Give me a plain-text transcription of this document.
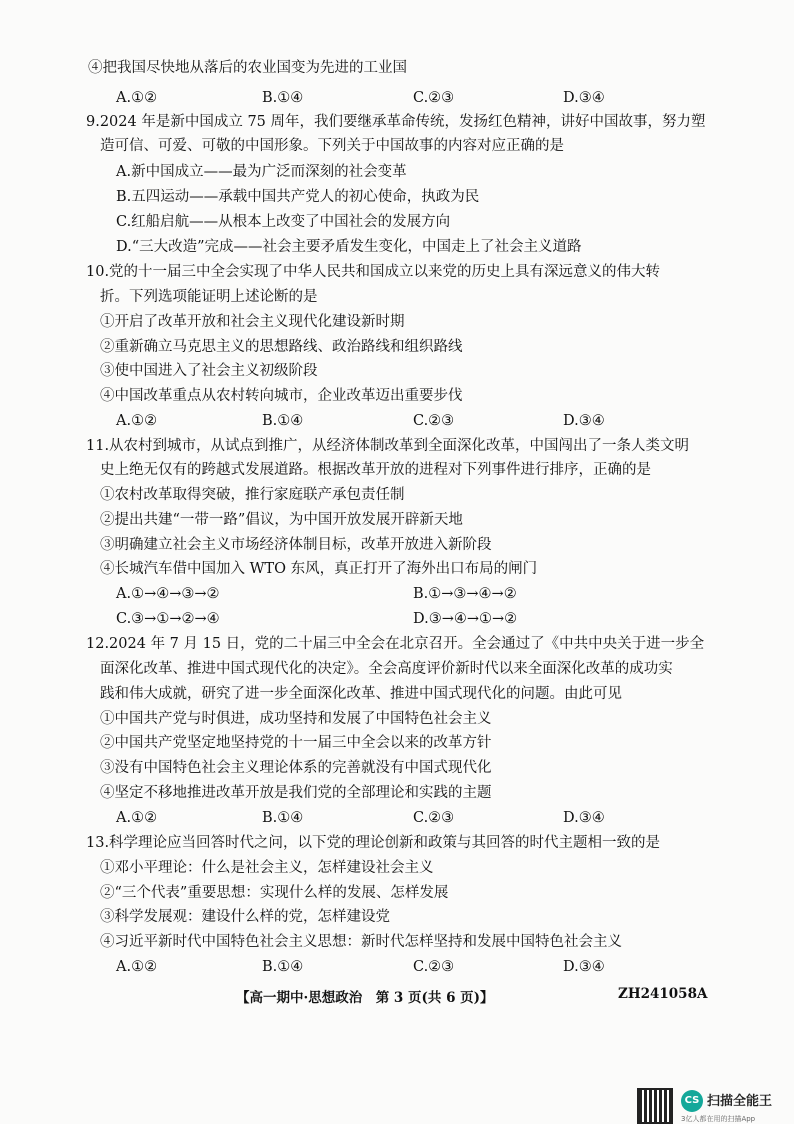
④把我国尽快地从落后的农业国变为先进的工业国
A.①②	B.①④	C.②③	D.③④
9.2024 年是新中国成立 75 周年，我们要继承革命传统，发扬红色精神，讲好中国故事，努力塑
造可信、可爱、可敬的中国形象。下列关于中国故事的内容对应正确的是
A.新中国成立——最为广泛而深刻的社会变革
B.五四运动——承载中国共产党人的初心使命，执政为民
C.红船启航——从根本上改变了中国社会的发展方向
D.“三大改造”完成——社会主要矛盾发生变化，中国走上了社会主义道路
10.党的十一届三中全会实现了中华人民共和国成立以来党的历史上具有深远意义的伟大转
折。下列选项能证明上述论断的是
①开启了改革开放和社会主义现代化建设新时期
②重新确立马克思主义的思想路线、政治路线和组织路线
③使中国进入了社会主义初级阶段
④中国改革重点从农村转向城市，企业改革迈出重要步伐
A.①②	B.①④	C.②③	D.③④
11.从农村到城市，从试点到推广，从经济体制改革到全面深化改革，中国闯出了一条人类文明
史上绝无仅有的跨越式发展道路。根据改革开放的进程对下列事件进行排序，正确的是
①农村改革取得突破，推行家庭联产承包责任制
②提出共建“一带一路”倡议，为中国开放发展开辟新天地
③明确建立社会主义市场经济体制目标，改革开放进入新阶段
④长城汽车借中国加入 WTO 东风，真正打开了海外出口布局的闸门
A.①→④→③→②	B.①→③→④→②
C.③→①→②→④	D.③→④→①→②
12.2024 年 7 月 15 日，党的二十届三中全会在北京召开。全会通过了《中共中央关于进一步全
面深化改革、推进中国式现代化的决定》。全会高度评价新时代以来全面深化改革的成功实
践和伟大成就，研究了进一步全面深化改革、推进中国式现代化的问题。由此可见
①中国共产党与时俱进，成功坚持和发展了中国特色社会主义
②中国共产党坚定地坚持党的十一届三中全会以来的改革方针
③没有中国特色社会主义理论体系的完善就没有中国式现代化
④坚定不移地推进改革开放是我们党的全部理论和实践的主题
A.①②	B.①④	C.②③	D.③④
13.科学理论应当回答时代之问，以下党的理论创新和政策与其回答的时代主题相一致的是
①邓小平理论：什么是社会主义，怎样建设社会主义
②“三个代表”重要思想：实现什么样的发展、怎样发展
③科学发展观：建设什么样的党，怎样建设党
④习近平新时代中国特色社会主义思想：新时代怎样坚持和发展中国特色社会主义
A.①②	B.①④	C.②③	D.③④
【高一期中·思想政治　第 3 页(共 6 页)】	ZH241058A
CS 扫描全能王
3亿人都在用的扫描App
